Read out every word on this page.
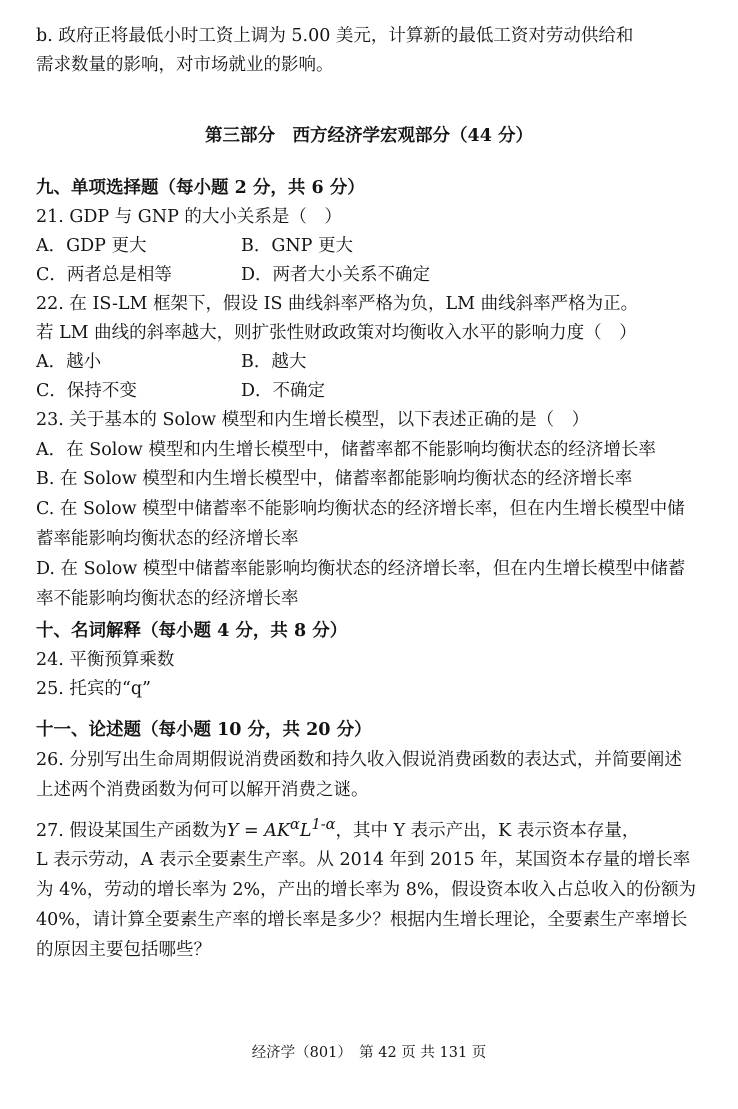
b. 政府正将最低小时工资上调为 5.00 美元，计算新的最低工资对劳动供给和
需求数量的影响，对市场就业的影响。
第三部分　西方经济学宏观部分（44 分）
九、单项选择题（每小题 2 分，共 6 分）
21. GDP 与 GNP 的大小关系是（　）
A．GDP 更大	B．GNP 更大
C．两者总是相等	D．两者大小关系不确定
22. 在 IS-LM 框架下，假设 IS 曲线斜率严格为负，LM 曲线斜率严格为正。
若 LM 曲线的斜率越大，则扩张性财政政策对均衡收入水平的影响力度（　）
A．越小	B．越大
C．保持不变	D．不确定
23. 关于基本的 Solow 模型和内生增长模型，以下表述正确的是（　）
A．在 Solow 模型和内生增长模型中，储蓄率都不能影响均衡状态的经济增长率
B. 在 Solow 模型和内生增长模型中，储蓄率都能影响均衡状态的经济增长率
C. 在 Solow 模型中储蓄率不能影响均衡状态的经济增长率，但在内生增长模型中储蓄率能影响均衡状态的经济增长率
D. 在 Solow 模型中储蓄率能影响均衡状态的经济增长率，但在内生增长模型中储蓄率不能影响均衡状态的经济增长率
十、名词解释（每小题 4 分，共 8 分）
24. 平衡预算乘数
25. 托宾的“q”
十一、论述题（每小题 10 分，共 20 分）
26. 分别写出生命周期假说消费函数和持久收入假说消费函数的表达式，并简要阐述上述两个消费函数为何可以解开消费之谜。
27. 假设某国生产函数为$Y = AK^\alpha L^{1-\alpha}$，其中 Y 表示产出，K 表示资本存量，
L 表示劳动，A 表示全要素生产率。从 2014 年到 2015 年，某国资本存量的增长率为 4%，劳动的增长率为 2%，产出的增长率为 8%，假设资本收入占总收入的份额为 40%，请计算全要素生产率的增长率是多少？根据内生增长理论，全要素生产率增长的原因主要包括哪些？
经济学（801）　第 42 页 共 131 页
